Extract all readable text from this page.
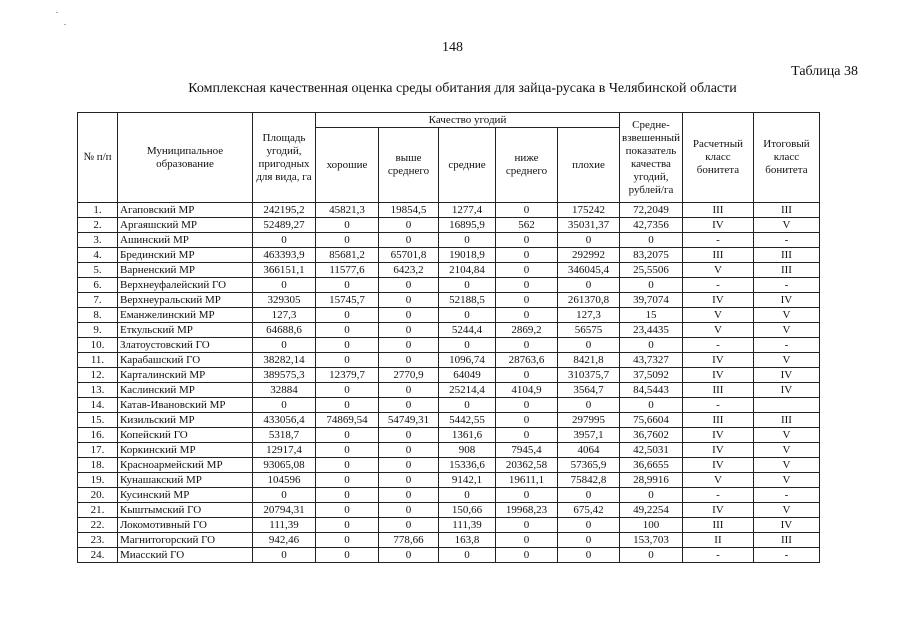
148
Таблица 38
Комплексная качественная оценка среды обитания для зайца-русака в Челябинской области
№ п/п	Муниципальное образование	Площадь угодий, пригодных для вида, га	Качество угодий					Средне-взвешенный показатель качества угодий, рублей/га	Расчетный класс бонитета	Итоговый класс бонитета
			хорошие	выше среднего	средние	ниже среднего	плохие			
1.	Агаповский МР	242195,2	45821,3	19854,5	1277,4	0	175242	72,2049	III	III
2.	Аргаяшский МР	52489,27	0	0	16895,9	562	35031,37	42,7356	IV	V
3.	Ашинский МР	0	0	0	0	0	0	0	-	-
4.	Брединский МР	463393,9	85681,2	65701,8	19018,9	0	292992	83,2075	III	III
5.	Варненский МР	366151,1	11577,6	6423,2	2104,84	0	346045,4	25,5506	V	III
6.	Верхнеуфалейский ГО	0	0	0	0	0	0	0	-	-
7.	Верхнеуральский МР	329305	15745,7	0	52188,5	0	261370,8	39,7074	IV	IV
8.	Еманжелинский МР	127,3	0	0	0	0	127,3	15	V	V
9.	Еткульский МР	64688,6	0	0	5244,4	2869,2	56575	23,4435	V	V
10.	Златоустовский ГО	0	0	0	0	0	0	0	-	-
11.	Карабашский ГО	38282,14	0	0	1096,74	28763,6	8421,8	43,7327	IV	V
12.	Карталинский МР	389575,3	12379,7	2770,9	64049	0	310375,7	37,5092	IV	IV
13.	Каслинский МР	32884	0	0	25214,4	4104,9	3564,7	84,5443	III	IV
14.	Катав-Ивановский МР	0	0	0	0	0	0	0	-	
15.	Кизильский МР	433056,4	74869,54	54749,31	5442,55	0	297995	75,6604	III	III
16.	Копейский ГО	5318,7	0	0	1361,6	0	3957,1	36,7602	IV	V
17.	Коркинский МР	12917,4	0	0	908	7945,4	4064	42,5031	IV	V
18.	Красноармейский МР	93065,08	0	0	15336,6	20362,58	57365,9	36,6655	IV	V
19.	Кунашакский МР	104596	0	0	9142,1	19611,1	75842,8	28,9916	V	V
20.	Кусинский МР	0	0	0	0	0	0	0	-	-
21.	Кыштымский ГО	20794,31	0	0	150,66	19968,23	675,42	49,2254	IV	V
22.	Локомотивный ГО	111,39	0	0	111,39	0	0	100	III	IV
23.	Магнитогорский ГО	942,46	0	778,66	163,8	0	0	153,703	II	III
24.	Миасский ГО	0	0	0	0	0	0	0	-	-
